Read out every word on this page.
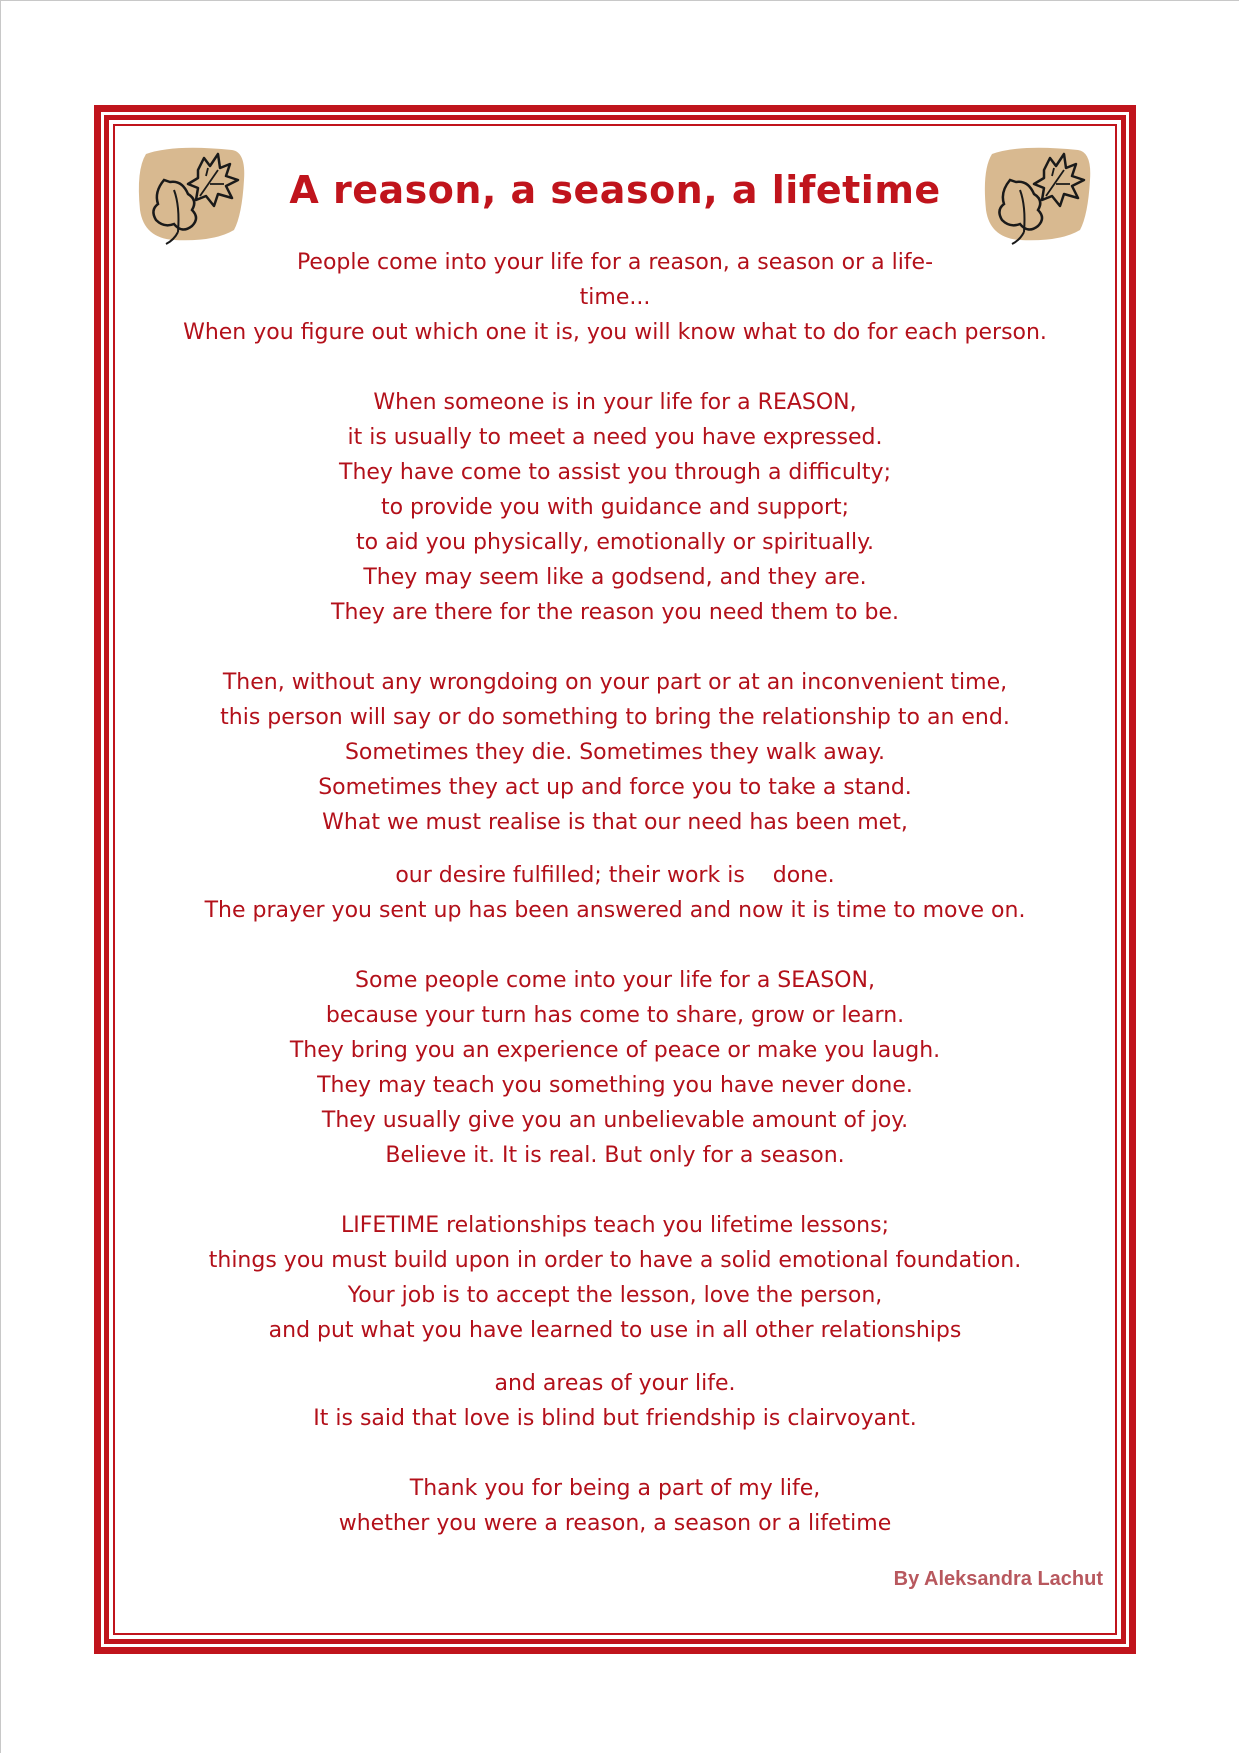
A reason, a season, a lifetime
People come into your life for a reason, a season or a life-
time...
When you figure out which one it is, you will know what to do for each person.
When someone is in your life for a REASON,
it is usually to meet a need you have expressed.
They have come to assist you through a difficulty;
to provide you with guidance and support;
to aid you physically, emotionally or spiritually.
They may seem like a godsend, and they are.
They are there for the reason you need them to be.
Then, without any wrongdoing on your part or at an inconvenient time,
this person will say or do something to bring the relationship to an end.
Sometimes they die. Sometimes they walk away.
Sometimes they act up and force you to take a stand.
What we must realise is that our need has been met,
our desire fulfilled; their work is    done.
The prayer you sent up has been answered and now it is time to move on.
Some people come into your life for a SEASON,
because your turn has come to share, grow or learn.
They bring you an experience of peace or make you laugh.
They may teach you something you have never done.
They usually give you an unbelievable amount of joy.
Believe it. It is real. But only for a season.
LIFETIME relationships teach you lifetime lessons;
things you must build upon in order to have a solid emotional foundation.
Your job is to accept the lesson, love the person,
and put what you have learned to use in all other relationships
and areas of your life.
It is said that love is blind but friendship is clairvoyant.
Thank you for being a part of my life,
whether you were a reason, a season or a lifetime
By Aleksandra Lachut
